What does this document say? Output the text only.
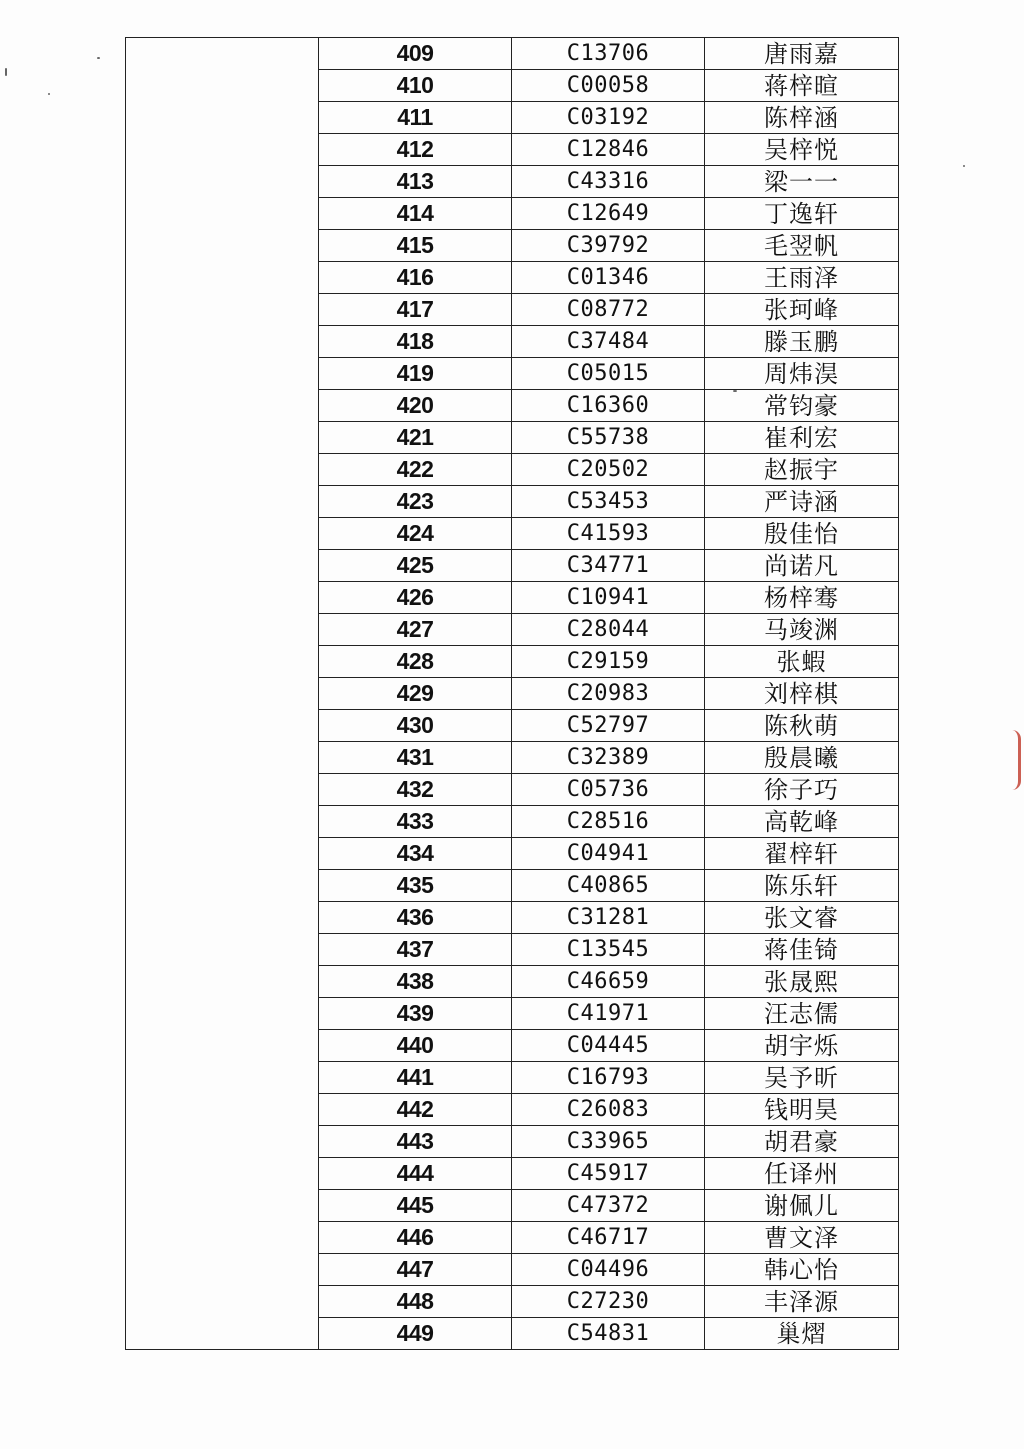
	409	C13706	唐雨嘉
	410	C00058	蒋梓暄
	411	C03192	陈梓涵
	412	C12846	吴梓悦
	413	C43316	梁一一
	414	C12649	丁逸轩
	415	C39792	毛翌帆
	416	C01346	王雨泽
	417	C08772	张珂峰
	418	C37484	滕玉鹏
	419	C05015	周炜淏
	420	C16360	常钧豪
	421	C55738	崔利宏
	422	C20502	赵振宇
	423	C53453	严诗涵
	424	C41593	殷佳怡
	425	C34771	尚诺凡
	426	C10941	杨梓骞
	427	C28044	马竣渊
	428	C29159	张蝦
	429	C20983	刘梓棋
	430	C52797	陈秋萌
	431	C32389	殷晨曦
	432	C05736	徐子巧
	433	C28516	高乾峰
	434	C04941	翟梓轩
	435	C40865	陈乐轩
	436	C31281	张文睿
	437	C13545	蒋佳锜
	438	C46659	张晟熙
	439	C41971	汪志儒
	440	C04445	胡宇烁
	441	C16793	吴予昕
	442	C26083	钱明昊
	443	C33965	胡君豪
	444	C45917	任译州
	445	C47372	谢佩儿
	446	C46717	曹文泽
	447	C04496	韩心怡
	448	C27230	丰泽源
	449	C54831	巢熠
